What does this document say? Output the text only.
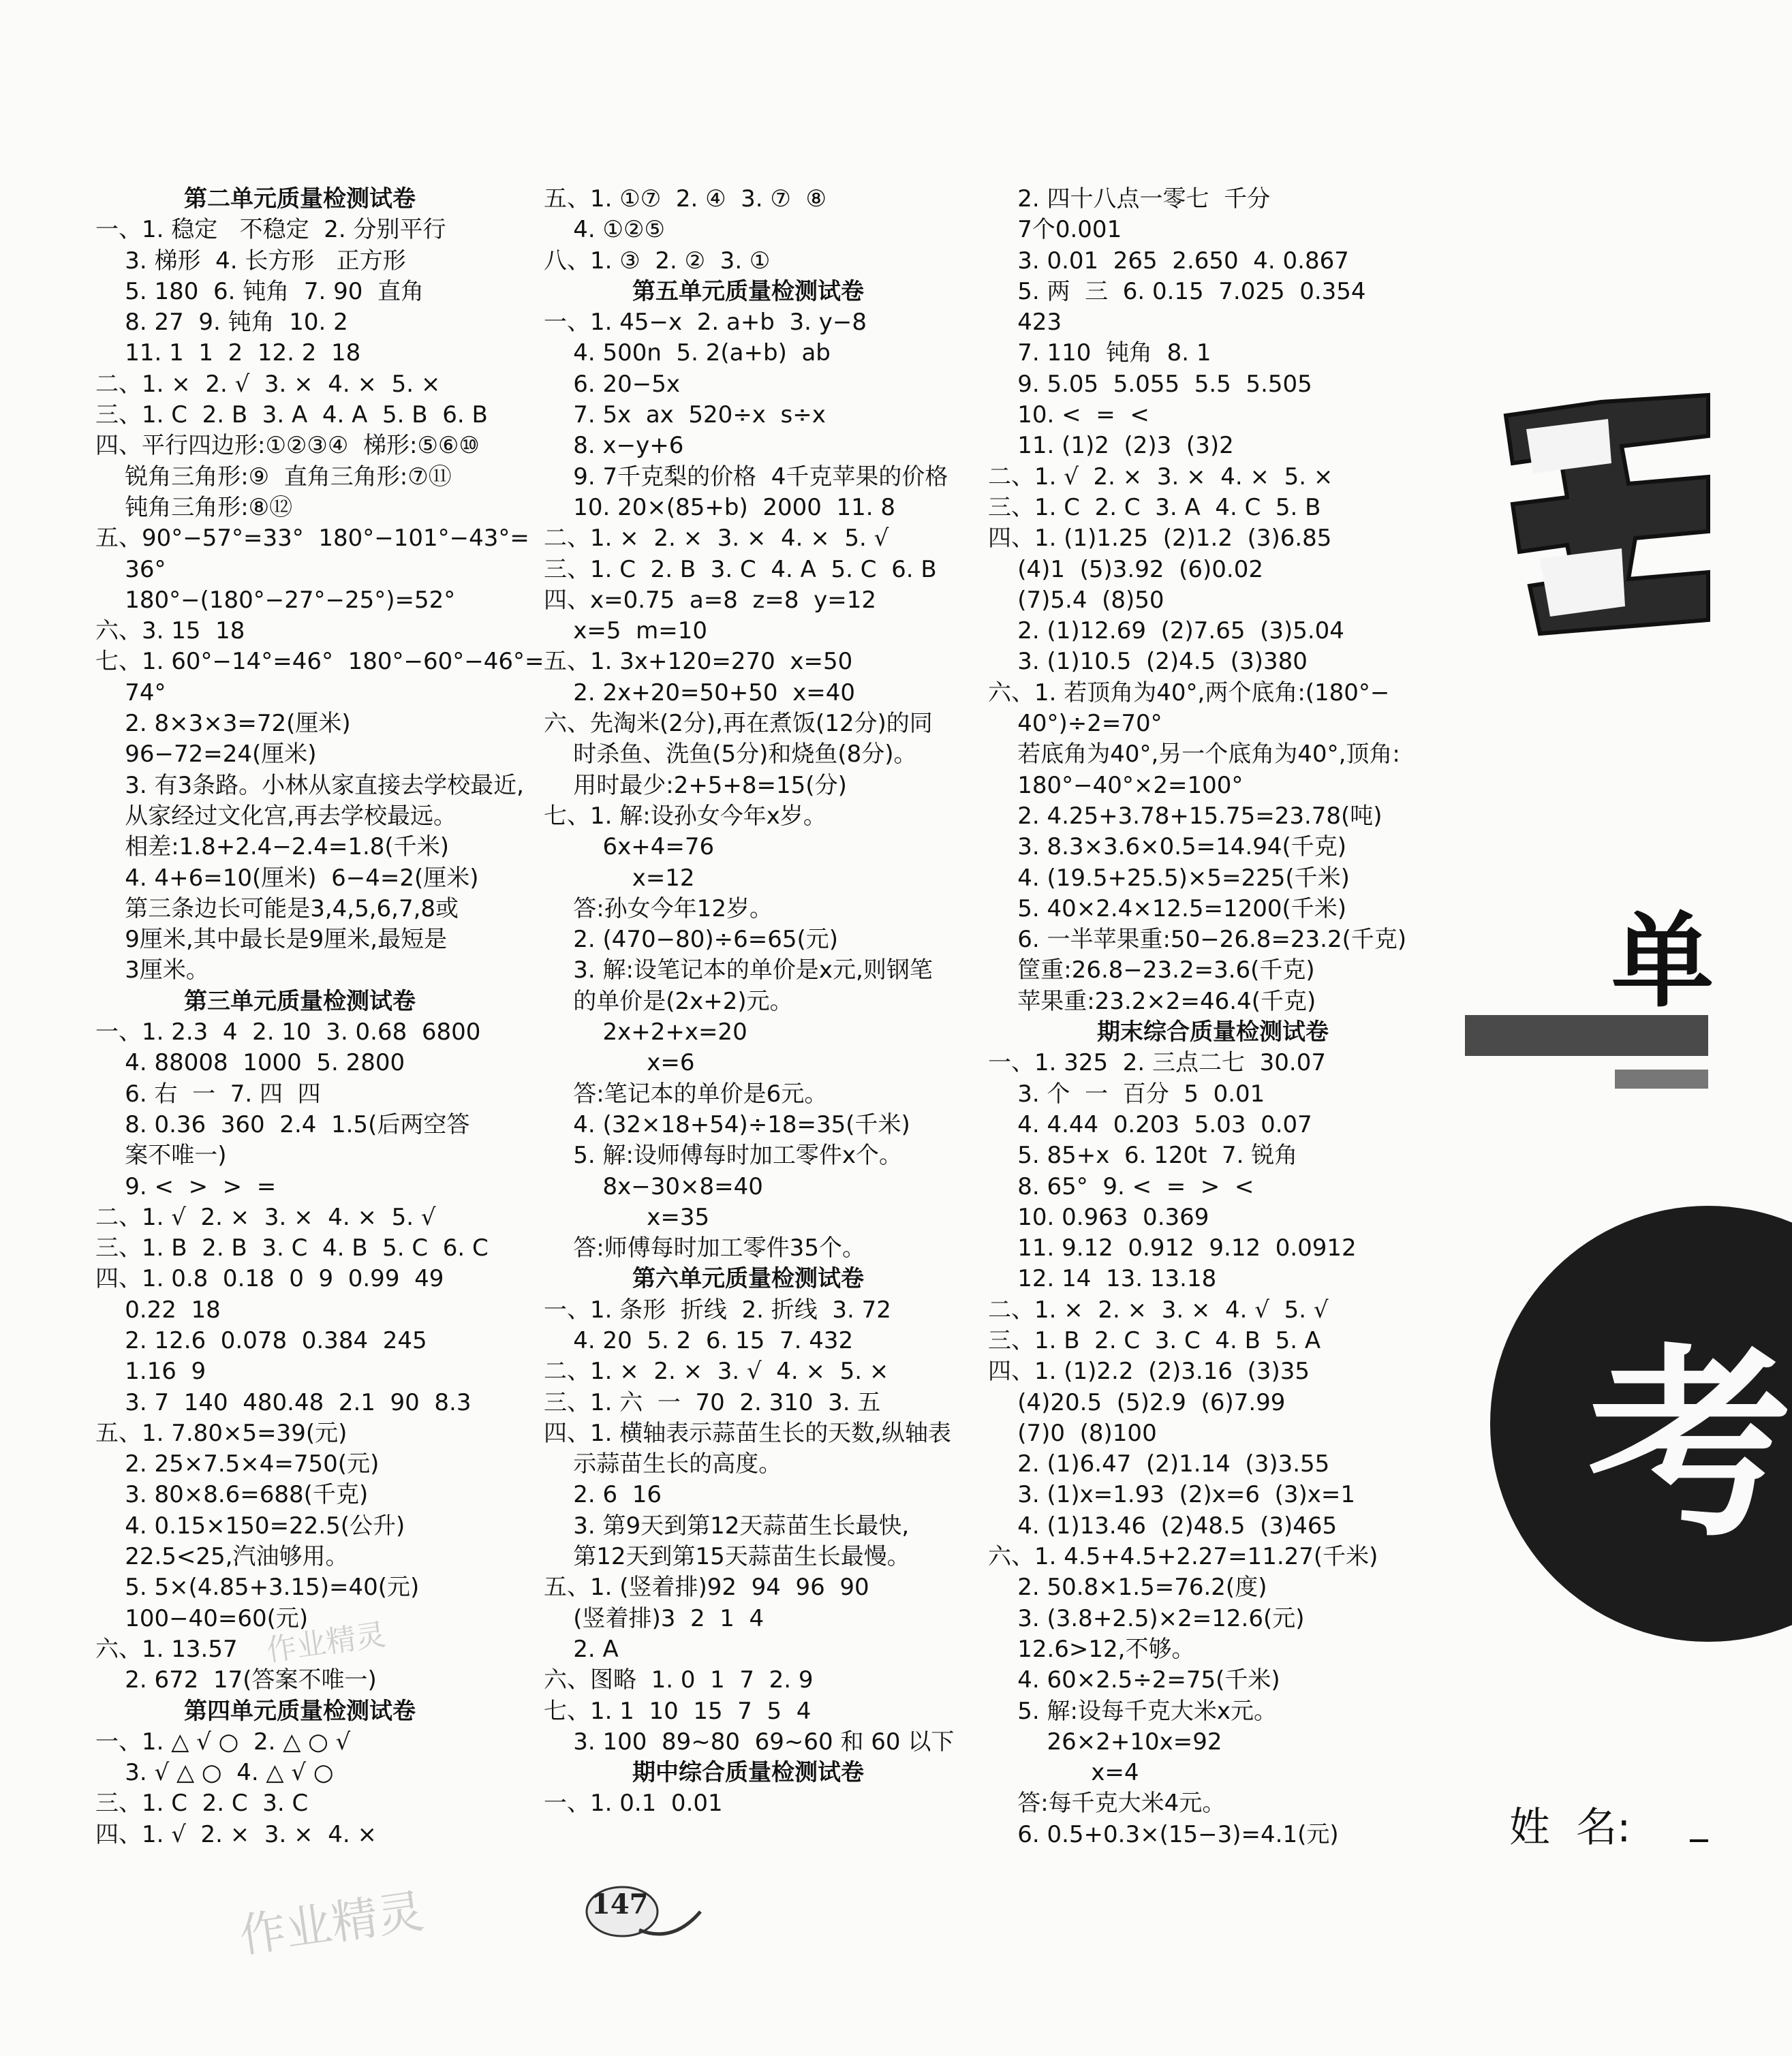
第二单元质量检测试卷
一、1. 稳定   不稳定  2. 分别平行
3. 梯形  4. 长方形   正方形
5. 180  6. 钝角  7. 90  直角
8. 27  9. 钝角  10. 2
11. 1  1  2  12. 2  18
二、1. ×  2. √  3. ×  4. ×  5. ×
三、1. C  2. B  3. A  4. A  5. B  6. B
四、平行四边形:①②③④  梯形:⑤⑥⑩
锐角三角形:⑨  直角三角形:⑦⑪
钝角三角形:⑧⑫
五、90°−57°=33°  180°−101°−43°=
36°
180°−(180°−27°−25°)=52°
六、3. 15  18
七、1. 60°−14°=46°  180°−60°−46°=
74°
2. 8×3×3=72(厘米)
96−72=24(厘米)
3. 有3条路。小林从家直接去学校最近,
从家经过文化宫,再去学校最远。
相差:1.8+2.4−2.4=1.8(千米)
4. 4+6=10(厘米)  6−4=2(厘米)
第三条边长可能是3,4,5,6,7,8或
9厘米,其中最长是9厘米,最短是
3厘米。
第三单元质量检测试卷
一、1. 2.3  4  2. 10  3. 0.68  6800
4. 88008  1000  5. 2800
6. 右  一  7. 四  四
8. 0.36  360  2.4  1.5(后两空答
案不唯一)
9. <  >  >  =
二、1. √  2. ×  3. ×  4. ×  5. √
三、1. B  2. B  3. C  4. B  5. C  6. C
四、1. 0.8  0.18  0  9  0.99  49
0.22  18
2. 12.6  0.078  0.384  245
1.16  9
3. 7  140  480.48  2.1  90  8.3
五、1. 7.80×5=39(元)
2. 25×7.5×4=750(元)
3. 80×8.6=688(千克)
4. 0.15×150=22.5(公升)
22.5<25,汽油够用。
5. 5×(4.85+3.15)=40(元)
100−40=60(元)
六、1. 13.57
2. 672  17(答案不唯一)
第四单元质量检测试卷
一、1. △ √ ○  2. △ ○ √
3. √ △ ○  4. △ √ ○
三、1. C  2. C  3. C
四、1. √  2. ×  3. ×  4. ×
五、1. ①⑦  2. ④  3. ⑦  ⑧
4. ①②⑤
八、1. ③  2. ②  3. ①
第五单元质量检测试卷
一、1. 45−x  2. a+b  3. y−8
4. 500n  5. 2(a+b)  ab
6. 20−5x
7. 5x  ax  520÷x  s÷x
8. x−y+6
9. 7千克梨的价格  4千克苹果的价格
10. 20×(85+b)  2000  11. 8
二、1. ×  2. ×  3. ×  4. ×  5. √
三、1. C  2. B  3. C  4. A  5. C  6. B
四、x=0.75  a=8  z=8  y=12
x=5  m=10
五、1. 3x+120=270  x=50
2. 2x+20=50+50  x=40
六、先淘米(2分),再在煮饭(12分)的同
时杀鱼、洗鱼(5分)和烧鱼(8分)。
用时最少:2+5+8=15(分)
七、1. 解:设孙女今年x岁。
6x+4=76
x=12
答:孙女今年12岁。
2. (470−80)÷6=65(元)
3. 解:设笔记本的单价是x元,则钢笔
的单价是(2x+2)元。
2x+2+x=20
x=6
答:笔记本的单价是6元。
4. (32×18+54)÷18=35(千米)
5. 解:设师傅每时加工零件x个。
8x−30×8=40
x=35
答:师傅每时加工零件35个。
第六单元质量检测试卷
一、1. 条形  折线  2. 折线  3. 72
4. 20  5. 2  6. 15  7. 432
二、1. ×  2. ×  3. √  4. ×  5. ×
三、1. 六  一  70  2. 310  3. 五
四、1. 横轴表示蒜苗生长的天数,纵轴表
示蒜苗生长的高度。
2. 6  16
3. 第9天到第12天蒜苗生长最快,
第12天到第15天蒜苗生长最慢。
五、1. (竖着排)92  94  96  90
(竖着排)3  2  1  4
2. A
六、图略  1. 0  1  7  2. 9
七、1. 1  10  15  7  5  4
3. 100  89~80  69~60 和 60 以下
期中综合质量检测试卷
一、1. 0.1  0.01
2. 四十八点一零七  千分
7个0.001
3. 0.01  265  2.650  4. 0.867
5. 两  三  6. 0.15  7.025  0.354
423
7. 110  钝角  8. 1
9. 5.05  5.055  5.5  5.505
10. <  =  <
11. (1)2  (2)3  (3)2
二、1. √  2. ×  3. ×  4. ×  5. ×
三、1. C  2. C  3. A  4. C  5. B
四、1. (1)1.25  (2)1.2  (3)6.85
(4)1  (5)3.92  (6)0.02
(7)5.4  (8)50
2. (1)12.69  (2)7.65  (3)5.04
3. (1)10.5  (2)4.5  (3)380
六、1. 若顶角为40°,两个底角:(180°−
40°)÷2=70°
若底角为40°,另一个底角为40°,顶角:
180°−40°×2=100°
2. 4.25+3.78+15.75=23.78(吨)
3. 8.3×3.6×0.5=14.94(千克)
4. (19.5+25.5)×5=225(千米)
5. 40×2.4×12.5=1200(千米)
6. 一半苹果重:50−26.8=23.2(千克)
筐重:26.8−23.2=3.6(千克)
苹果重:23.2×2=46.4(千克)
期末综合质量检测试卷
一、1. 325  2. 三点二七  30.07
3. 个  一  百分  5  0.01
4. 4.44  0.203  5.03  0.07
5. 85+x  6. 120t  7. 锐角
8. 65°  9. <  =  >  <
10. 0.963  0.369
11. 9.12  0.912  9.12  0.0912
12. 14  13. 13.18
二、1. ×  2. ×  3. ×  4. √  5. √
三、1. B  2. C  3. C  4. B  5. A
四、1. (1)2.2  (2)3.16  (3)35
(4)20.5  (5)2.9  (6)7.99
(7)0  (8)100
2. (1)6.47  (2)1.14  (3)3.55
3. (1)x=1.93  (2)x=6  (3)x=1
4. (1)13.46  (2)48.5  (3)465
六、1. 4.5+4.5+2.27=11.27(千米)
2. 50.8×1.5=76.2(度)
3. (3.8+2.5)×2=12.6(元)
12.6>12,不够。
4. 60×2.5÷2=75(千米)
5. 解:设每千克大米x元。
26×2+10x=92
x=4
答:每千克大米4元。
6. 0.5+0.3×(15−3)=4.1(元)
单
考
姓  名:
147
作业精灵
作业精灵
